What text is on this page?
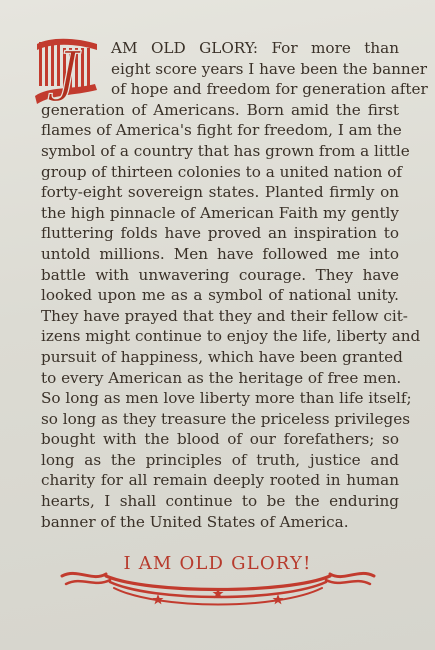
J	AM OLD GLORY: For more than
eight score years I have been the banner
of hope and freedom for generation after
generation of Americans. Born amid the first
flames of America's fight for freedom, I am the
symbol of a country that has grown from a little
group of thirteen colonies to a united nation of
forty-eight sovereign states. Planted firmly on
the high pinnacle of American Faith my gently
fluttering folds have proved an inspiration to
untold millions. Men have followed me into
battle with unwavering courage. They have
looked upon me as a symbol of national unity.
They have prayed that they and their fellow cit-
izens might continue to enjoy the life, liberty and
pursuit of happiness, which have been granted
to every American as the heritage of free men.
So long as men love liberty more than life itself;
so long as they treasure the priceless privileges
bought with the blood of our forefathers; so
long as the principles of truth, justice and
charity for all remain deeply rooted in human
hearts, I shall continue to be the enduring
banner of the United States of America.

I AM OLD GLORY!
